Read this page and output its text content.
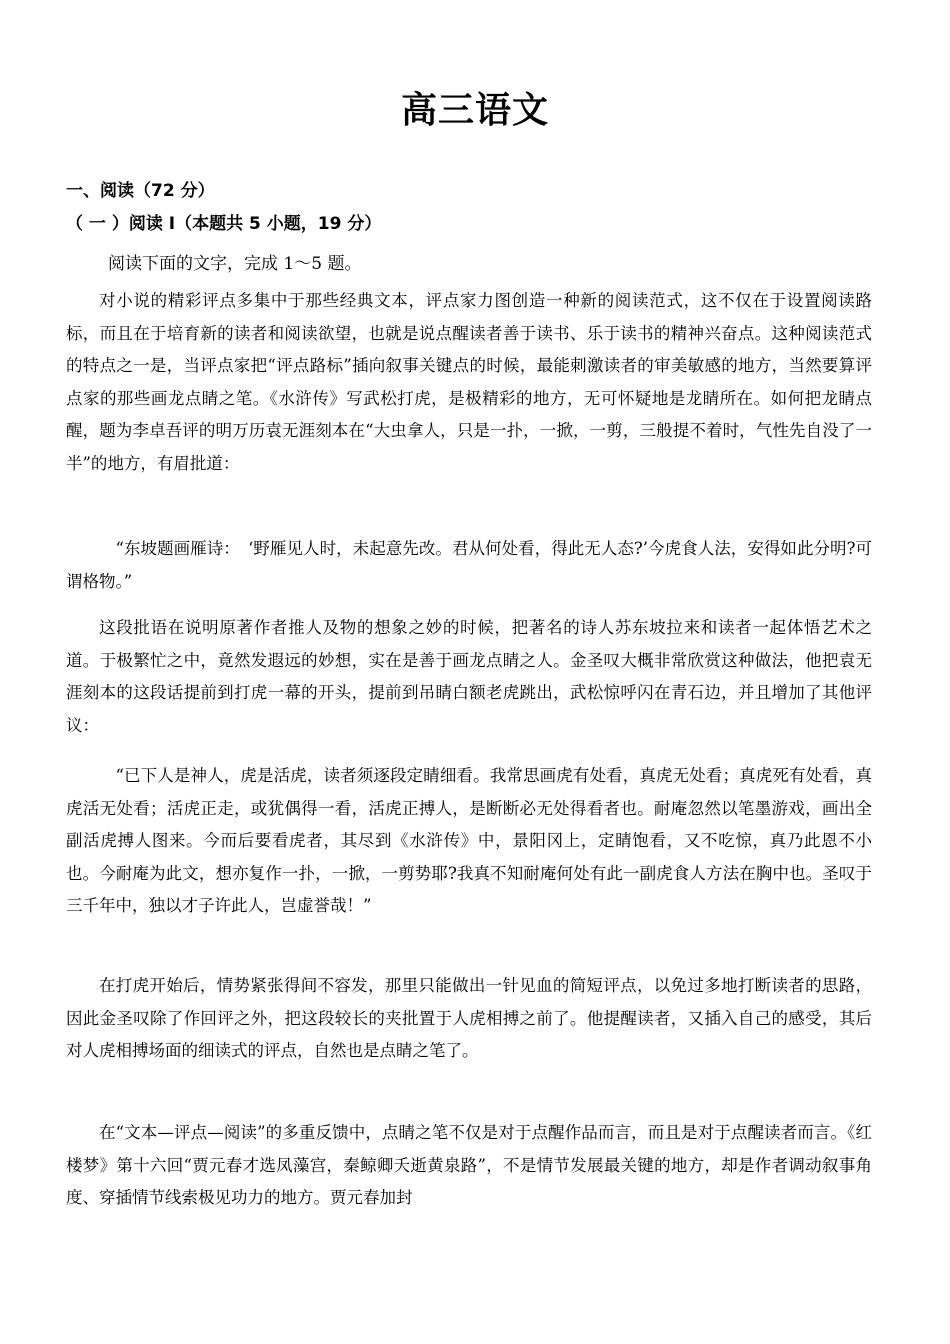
高三语文
一、阅读（72 分）
（ 一 ）阅读 I（本题共 5 小题，19 分）
阅读下面的文字，完成 1～5 题。

对小说的精彩评点多集中于那些经典文本，评点家力图创造一种新的阅读范式，这不仅在于设置阅读路标，而且在于培育新的读者和阅读欲望，也就是说点醒读者善于读书、乐于读书的精神兴奋点。这种阅读范式的特点之一是，当评点家把“评点路标”插向叙事关键点的时候，最能刺激读者的审美敏感的地方，当然要算评点家的那些画龙点睛之笔。《水浒传》写武松打虎，是极精彩的地方，无可怀疑地是龙睛所在。如何把龙睛点醒，题为李卓吾评的明万历袁无涯刻本在“大虫拿人，只是一扑，一掀，一剪，三般提不着时，气性先自没了一半”的地方，有眉批道：

“东坡题画雁诗：　‘野雁见人时，未起意先改。君从何处看，得此无人态?’今虎食人法，安得如此分明?可谓格物。”

这段批语在说明原著作者推人及物的想象之妙的时候，把著名的诗人苏东坡拉来和读者一起体悟艺术之道。于极繁忙之中，竟然发遐远的妙想，实在是善于画龙点睛之人。金圣叹大概非常欣赏这种做法，他把袁无涯刻本的这段话提前到打虎一幕的开头，提前到吊睛白额老虎跳出，武松惊呼闪在青石边，并且增加了其他评议：

“已下人是神人，虎是活虎，读者须逐段定睛细看。我常思画虎有处看，真虎无处看；真虎死有处看，真虎活无处看；活虎正走，或犹偶得一看，活虎正搏人，是断断必无处得看者也。耐庵忽然以笔墨游戏，画出全副活虎搏人图来。今而后要看虎者，其尽到《水浒传》中，景阳冈上，定睛饱看，又不吃惊，真乃此恩不小也。今耐庵为此文，想亦复作一扑，一掀，一剪势耶?我真不知耐庵何处有此一副虎食人方法在胸中也。圣叹于三千年中，独以才子许此人，岂虚誉哉！”

在打虎开始后，情势紧张得间不容发，那里只能做出一针见血的简短评点，以免过多地打断读者的思路，因此金圣叹除了作回评之外，把这段较长的夹批置于人虎相搏之前了。他提醒读者，又插入自己的感受，其后对人虎相搏场面的细读式的评点，自然也是点睛之笔了。

在“文本—评点—阅读”的多重反馈中，点睛之笔不仅是对于点醒作品而言，而且是对于点醒读者而言。《红楼梦》第十六回“贾元春才选凤藻宫，秦鲸卿夭逝黄泉路”，不是情节发展最关键的地方，却是作者调动叙事角度、穿插情节线索极见功力的地方。贾元春加封
